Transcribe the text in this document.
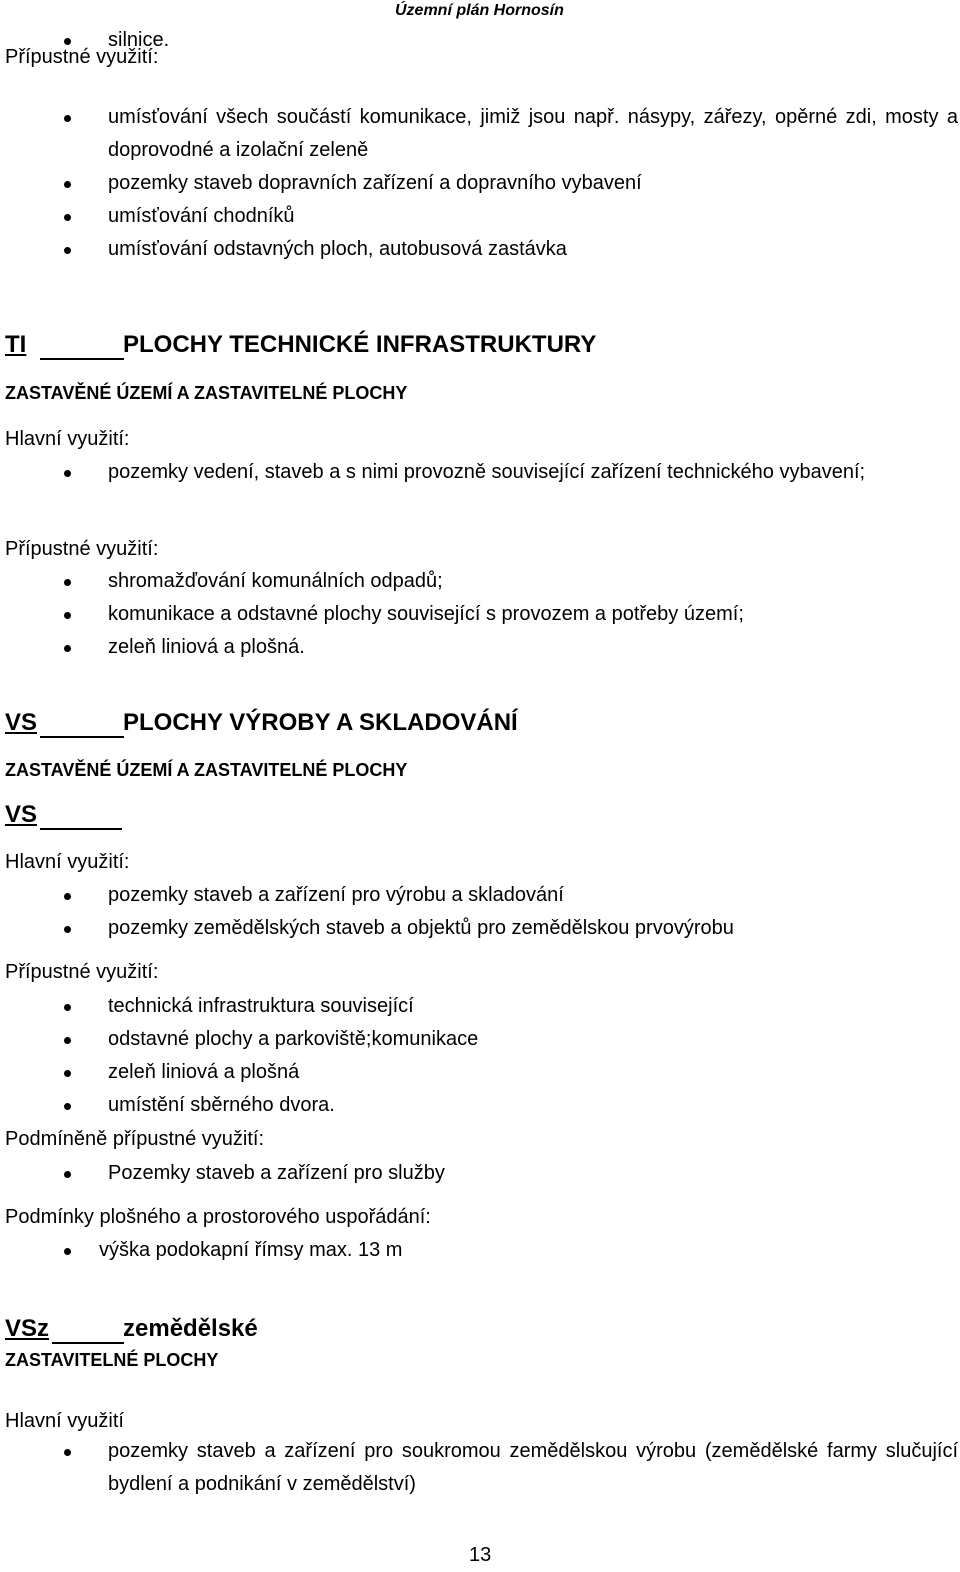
Územní plán Hornosín
silnice.
Přípustné využití:
umísťování všech součástí komunikace, jimiž jsou např. násypy, zářezy, opěrné zdi, mosty a doprovodné a izolační zeleně
pozemky staveb dopravních zařízení a dopravního vybavení
umísťování chodníků
umísťování odstavných ploch, autobusová zastávka
TI	PLOCHY TECHNICKÉ INFRASTRUKTURY
ZASTAVĚNÉ ÚZEMÍ A ZASTAVITELNÉ PLOCHY
Hlavní využití:
pozemky vedení, staveb a s nimi provozně související zařízení technického vybavení;
Přípustné využití:
shromažďování komunálních odpadů;
komunikace a odstavné plochy související s provozem a potřeby území;
zeleň liniová a plošná.
VS	PLOCHY VÝROBY A SKLADOVÁNÍ
ZASTAVĚNÉ ÚZEMÍ A ZASTAVITELNÉ PLOCHY
VS
Hlavní využití:
pozemky staveb a zařízení pro výrobu a skladování
pozemky zemědělských staveb a objektů pro zemědělskou prvovýrobu
Přípustné využití:
technická infrastruktura související
odstavné plochy a parkoviště;komunikace
zeleň liniová a plošná
umístění sběrného dvora.
Podmíněně přípustné využití:
Pozemky staveb a zařízení pro služby
Podmínky plošného a prostorového uspořádání:
výška podokapní římsy max. 13 m
VSz	zemědělské
ZASTAVITELNÉ PLOCHY
Hlavní využití
pozemky staveb a zařízení pro soukromou zemědělskou výrobu (zemědělské farmy slučující bydlení a podnikání v zemědělství)
13
